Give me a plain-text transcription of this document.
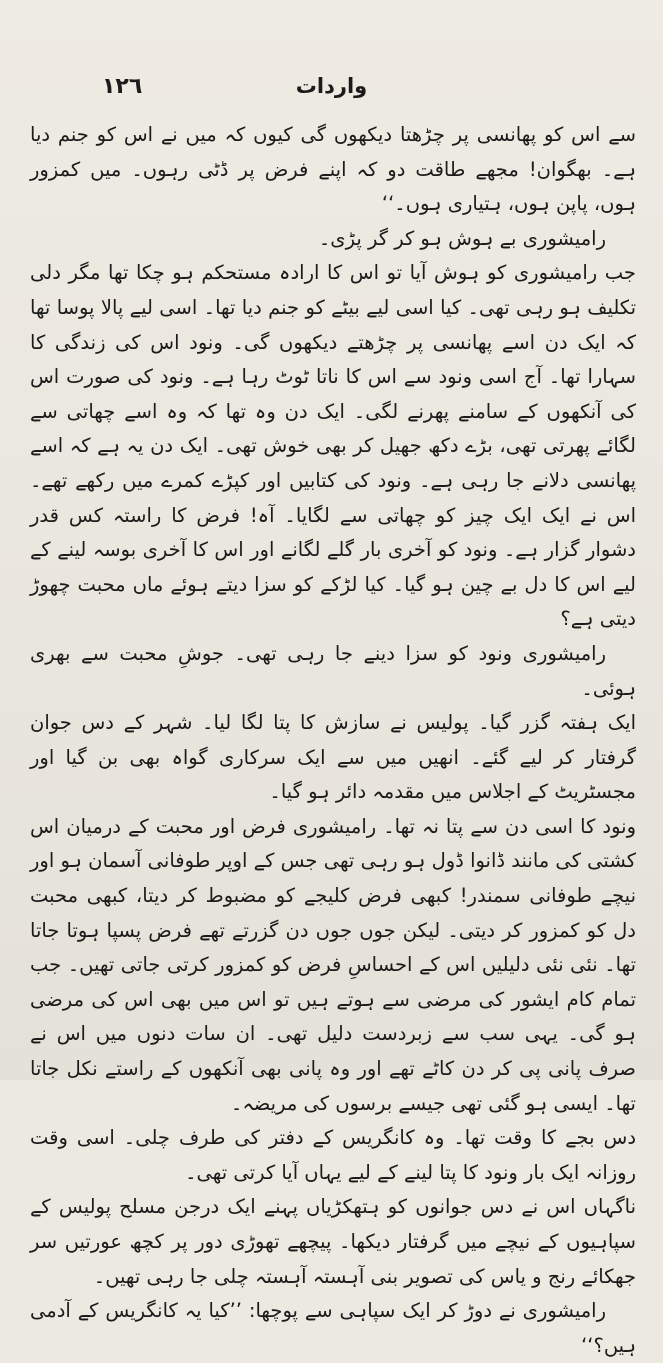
١٢٦	واردات

سے اس کو پھانسی پر چڑھتا دیکھوں گی کیوں کہ میں نے اس کو جنم دیا ہے۔ بھگوان! مجھے طاقت دو کہ اپنے فرض پر ڈٹی رہوں۔ میں کمزور ہوں، پاپن ہوں، ہتیاری ہوں۔‘‘

رامیشوری بے ہوش ہو کر گر پڑی۔

جب رامیشوری کو ہوش آیا تو اس کا ارادہ مستحکم ہو چکا تھا مگر دلی تکلیف ہو رہی تھی۔ کیا اسی لیے بیٹے کو جنم دیا تھا۔ اسی لیے پالا پوسا تھا کہ ایک دن اسے پھانسی پر چڑھتے دیکھوں گی۔ ونود اس کی زندگی کا سہارا تھا۔ آج اسی ونود سے اس کا ناتا ٹوٹ رہا ہے۔ ونود کی صورت اس کی آنکھوں کے سامنے پھرنے لگی۔ ایک دن وہ تھا کہ وہ اسے چھاتی سے لگائے پھرتی تھی، بڑے دکھ جھیل کر بھی خوش تھی۔ ایک دن یہ ہے کہ اسے پھانسی دلانے جا رہی ہے۔ ونود کی کتابیں اور کپڑے کمرے میں رکھے تھے۔ اس نے ایک ایک چیز کو چھاتی سے لگایا۔ آہ! فرض کا راستہ کس قدر دشوار گزار ہے۔ ونود کو آخری بار گلے لگانے اور اس کا آخری بوسہ لینے کے لیے اس کا دل بے چین ہو گیا۔ کیا لڑکے کو سزا دیتے ہوئے ماں محبت چھوڑ دیتی ہے؟

رامیشوری ونود کو سزا دینے جا رہی تھی۔ جوشِ محبت سے بھری ہوئی۔

ایک ہفتہ گزر گیا۔ پولیس نے سازش کا پتا لگا لیا۔ شہر کے دس جوان گرفتار کر لیے گئے۔ انھیں میں سے ایک سرکاری گواہ بھی بن گیا اور مجسٹریٹ کے اجلاس میں مقدمہ دائر ہو گیا۔

ونود کا اسی دن سے پتا نہ تھا۔ رامیشوری فرض اور محبت کے درمیان اس کشتی کی مانند ڈانوا ڈول ہو رہی تھی جس کے اوپر طوفانی آسمان ہو اور نیچے طوفانی سمندر! کبھی فرض کلیجے کو مضبوط کر دیتا، کبھی محبت دل کو کمزور کر دیتی۔ لیکن جوں جوں دن گزرتے تھے فرض پسپا ہوتا جاتا تھا۔ نئی نئی دلیلیں اس کے احساسِ فرض کو کمزور کرتی جاتی تھیں۔ جب تمام کام ایشور کی مرضی سے ہوتے ہیں تو اس میں بھی اس کی مرضی ہو گی۔ یہی سب سے زبردست دلیل تھی۔ ان سات دنوں میں اس نے صرف پانی پی کر دن کاٹے تھے اور وہ پانی بھی آنکھوں کے راستے نکل جاتا تھا۔ ایسی ہو گئی تھی جیسے برسوں کی مریضہ۔

دس بجے کا وقت تھا۔ وہ کانگریس کے دفتر کی طرف چلی۔ اسی وقت روزانہ ایک بار ونود کا پتا لینے کے لیے یہاں آیا کرتی تھی۔

ناگہاں اس نے دس جوانوں کو ہتھکڑیاں پہنے ایک درجن مسلح پولیس کے سپاہیوں کے نیچے میں گرفتار دیکھا۔ پیچھے تھوڑی دور پر کچھ عورتیں سر جھکائے رنج و یاس کی تصویر بنی آہستہ آہستہ چلی جا رہی تھیں۔

رامیشوری نے دوڑ کر ایک سپاہی سے پوچھا: ’’کیا یہ کانگریس کے آدمی ہیں؟‘‘
